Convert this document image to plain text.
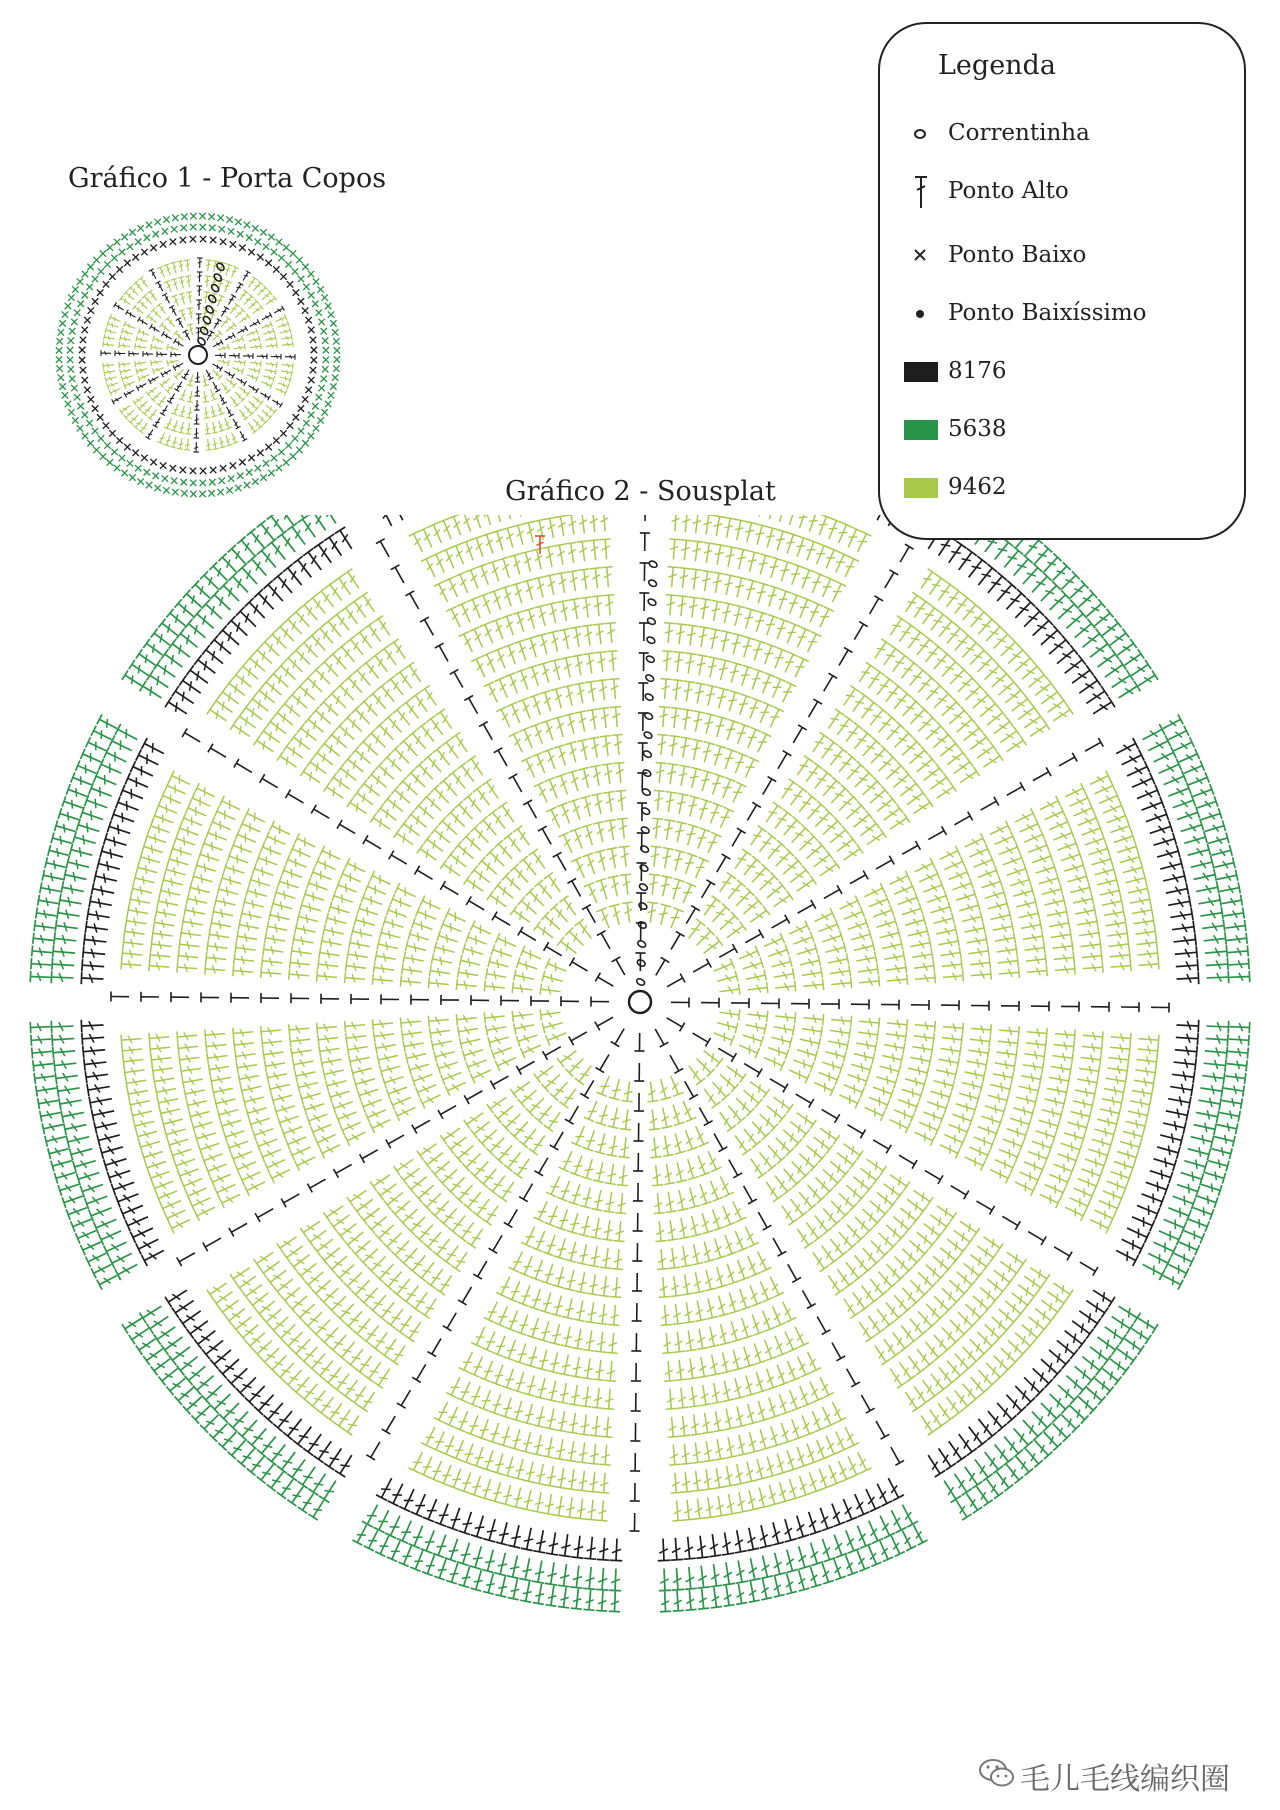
Gráfico 1 - Porta Copos
Gráfico 2 - Sousplat
Legenda
Correntinha
Ponto Alto
Ponto Baixo
Ponto Baixíssimo
8176
5638
9462
毛儿毛线编织圈
